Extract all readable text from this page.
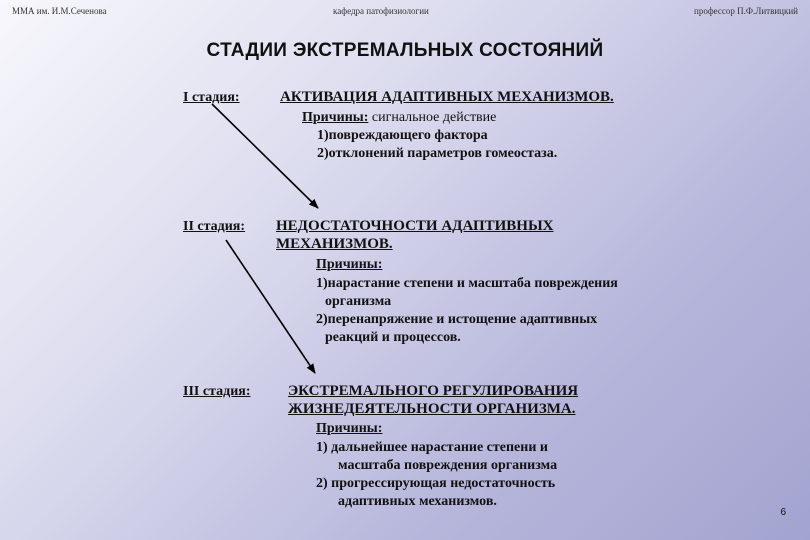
ММА им. И.М.Сеченова	кафедра патофизиологии	профессор П.Ф.Литвицкий
СТАДИИ ЭКСТРЕМАЛЬНЫХ СОСТОЯНИЙ
I стадия:	АКТИВАЦИЯ АДАПТИВНЫХ МЕХАНИЗМОВ.
Причины: сигнальное действие
1)повреждающего фактора
2)отклонений параметров гомеостаза.
II стадия: НЕДОСТАТОЧНОСТИ АДАПТИВНЫХ
МЕХАНИЗМОВ.
Причины:
1)нарастание степени и масштаба повреждения
организма
2)перенапряжение и истощение адаптивных
реакций и процессов.
III стадия:	ЭКСТРЕМАЛЬНОГО РЕГУЛИРОВАНИЯ
ЖИЗНЕДЕЯТЕЛЬНОСТИ ОРГАНИЗМА.
Причины:
1) дальнейшее нарастание степени и
масштаба повреждения организма
2) прогрессирующая недостаточность
адаптивных механизмов.
6
